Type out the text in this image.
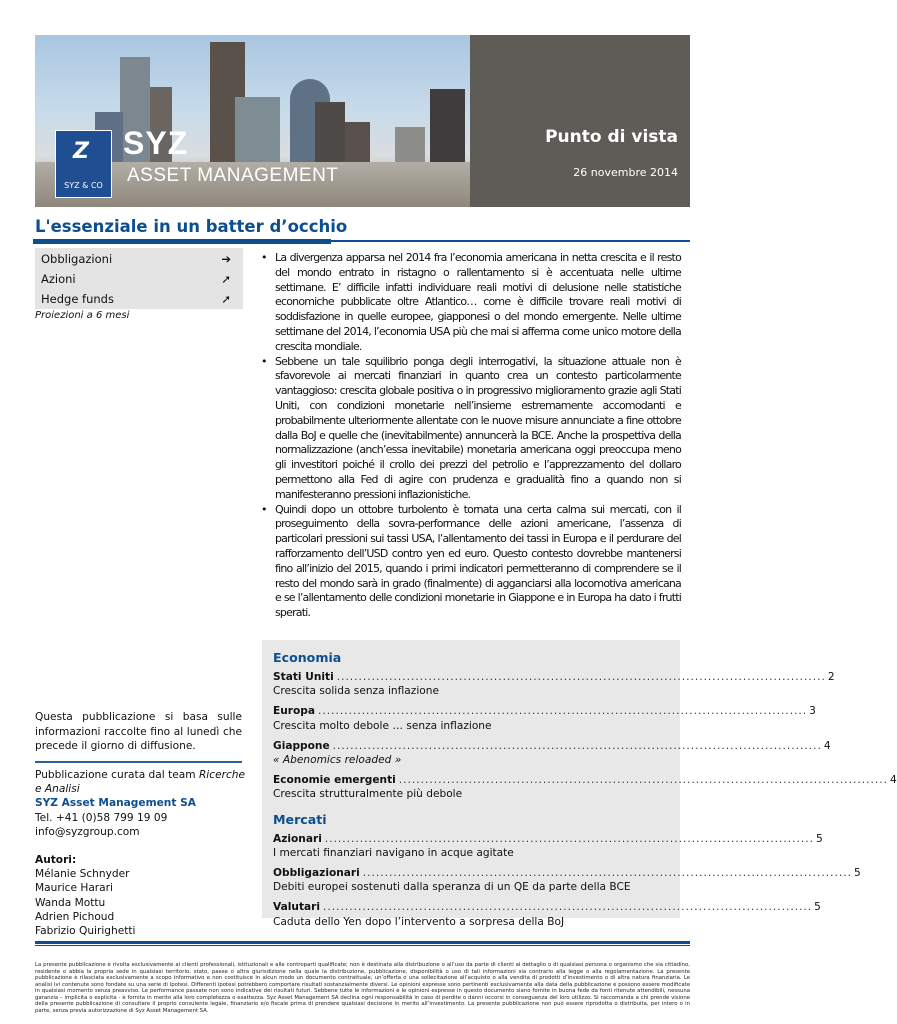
Z
SYZ & CO
SYZ
ASSET MANAGEMENT
Punto di vista
26 novembre 2014
L'essenziale in un batter d’occhio
Obbligazioni	➔
Azioni	➚
Hedge funds	➚
Proiezioni a 6 mesi
• La divergenza apparsa nel 2014 fra l’economia americana in netta crescita e il resto del mondo entrato in ristagno o rallentamento si è accentuata nelle ultime settimane. E’ difficile infatti individuare reali motivi di delusione nelle statistiche economiche pubblicate oltre Atlantico… come è difficile trovare reali motivi di soddisfazione in quelle europee, giapponesi o del mondo emergente. Nelle ultime settimane del 2014, l’economia USA più che mai si afferma come unico motore della crescita mondiale.
• Sebbene un tale squilibrio ponga degli interrogativi, la situazione attuale non è sfavorevole ai mercati finanziari in quanto crea un contesto particolarmente vantaggioso: crescita globale positiva o in progressivo miglioramento grazie agli Stati Uniti, con condizioni monetarie nell’insieme estremamente accomodanti e probabilmente ulteriormente allentate con le nuove misure annunciate a fine ottobre dalla BoJ e quelle che (inevitabilmente) annuncerà la BCE. Anche la prospettiva della normalizzazione (anch’essa inevitabile) monetaria americana oggi preoccupa meno gli investitori poiché il crollo dei prezzi del petrolio e l’apprezzamento del dollaro permettono alla Fed di agire con prudenza e gradualità fino a quando non si manifesteranno pressioni inflazionistiche.
• Quindi dopo un ottobre turbolento è tornata una certa calma sui mercati, con il proseguimento della sovra-performance delle azioni americane, l’assenza di particolari pressioni sui tassi USA, l’allentamento dei tassi in Europa e il perdurare del rafforzamento dell’USD contro yen ed euro. Questo contesto dovrebbe mantenersi fino all’inizio del 2015, quando i primi indicatori permetteranno di comprendere se il resto del mondo sarà in grado (finalmente) di agganciarsi alla locomotiva americana e se l’allentamento delle condizioni monetarie in Giappone e in Europa ha dato i frutti sperati.
Questa pubblicazione si basa sulle informazioni raccolte fino al lunedì che precede il giorno di diffusione.
Pubblicazione curata dal team Ricerche e Analisi
SYZ Asset Management SA
Tel. +41 (0)58 799 19 09
info@syzgroup.com
Autori:
Mélanie Schnyder
Maurice Harari
Wanda Mottu
Adrien Pichoud
Fabrizio Quirighetti
Economia
Stati Uniti ................................................................................................................ 2
Crescita solida senza inflazione
Europa ................................................................................................................ 3
Crescita molto debole … senza inflazione
Giappone ................................................................................................................ 4
« Abenomics reloaded »
Economie emergenti ................................................................................................................ 4
Crescita strutturalmente più debole
Mercati
Azionari ................................................................................................................ 5
I mercati finanziari navigano in acque agitate
Obbligazionari ................................................................................................................ 5
Debiti europei sostenuti dalla speranza di un QE da parte della BCE
Valutari ................................................................................................................ 5
Caduta dello Yen dopo l’intervento a sorpresa della BoJ
La presente pubblicazione è rivolta esclusivamente ai clienti professionali, istituzionali e alle controparti qualificate; non è destinata alla distribuzione o all’uso da parte di clienti al dettaglio o di qualsiasi persona o organismo che sia cittadino, residente o abbia la propria sede in qualsiasi territorio, stato, paese o altra giurisdizione nella quale la distribuzione, pubblicazione, disponibilità o uso di tali informazioni sia contrario alla legge o alla regolamentazione. La presente pubblicazione è rilasciata esclusivamente a scopo informativo e non costituisce in alcun modo un documento contrattuale, un’offerta o una sollecitazione all’acquisto o alla vendita di prodotti d’investimento o di altra natura finanziaria. Le analisi ivi contenute sono fondate su una serie di ipotesi. Differenti ipotesi potrebbero comportare risultati sostanzialmente diversi. Le opinioni espresse sono pertinenti esclusivamente alla data della pubblicazione e possono essere modificate in qualsiasi momento senza preavviso. Le performance passate non sono indicative dei risultati futuri. Sebbene tutte le informazioni e le opinioni espresse in questo documento siano fornite in buona fede da fonti ritenute attendibili, nessuna garanzia – implicita o esplicita - è fornita in merito alla loro completezza o esattezza. Syz Asset Management SA declina ogni responsabilità in caso di perdite o danni occorsi in conseguenza del loro utilizzo. Si raccomanda a chi prende visione della presente pubblicazione di consultare il proprio consulente legale, finanziario e/o fiscale prima di prendere qualsiasi decisione in merito all’investimento. La presente pubblicazione non può essere riprodotta o distribuita, per intero o in parte, senza previa autorizzazione di Syz Asset Management SA.
